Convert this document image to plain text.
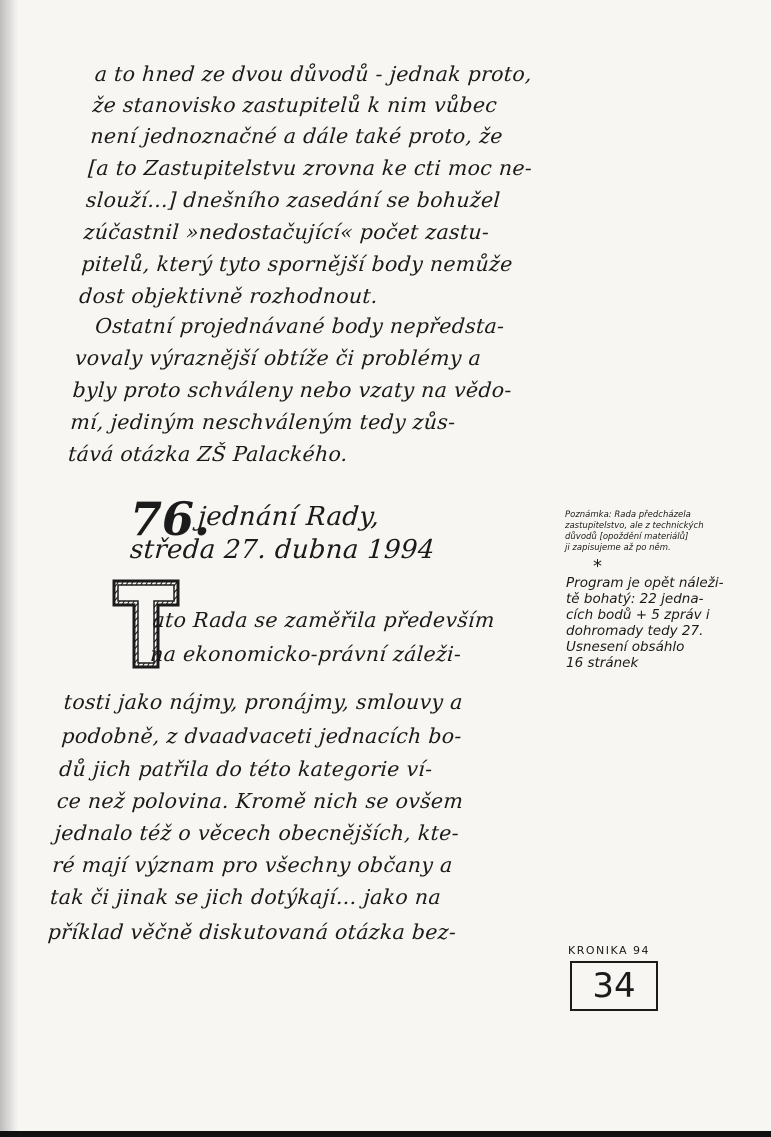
a to hned ze dvou důvodů - jednak proto,
že stanovisko zastupitelů k nim vůbec
není jednoznačné a dále také proto, že
[a to Zastupitelstvu zrovna ke cti moc ne-
slouží...] dnešního zasedání se bohužel
zúčastnil »nedostačující« počet zastu-
pitelů, který tyto spornější body nemůže
dost objektivně rozhodnout.
Ostatní projednávané body nepředsta-
vovaly výraznější obtíže či problémy a
byly proto schváleny nebo vzaty na vědo-
mí, jediným neschváleným tedy zůs-
tává otázka ZŠ Palackého.
76.
jednání Rady,
středa 27. dubna 1994
ato Rada se zaměřila především
na ekonomicko-právní záleži-
tosti jako nájmy, pronájmy, smlouvy a
podobně, z dvaadvaceti jednacích bo-
dů jich patřila do této kategorie ví-
ce než polovina. Kromě nich se ovšem
jednalo též o věcech obecnějších, kte-
ré mají význam pro všechny občany a
tak či jinak se jich dotýkají... jako na
příklad věčně diskutovaná otázka bez-
Poznámka: Rada předcházela
zastupitelstvo, ale z technických
důvodů [opoždění materiálů]
ji zapisujeme až po něm.
*
Program je opět náleži-
tě bohatý: 22 jedna-
cích bodů + 5 zpráv i
dohromady tedy 27.
Usnesení obsáhlo
16 stránek
KRONIKA 94
34
